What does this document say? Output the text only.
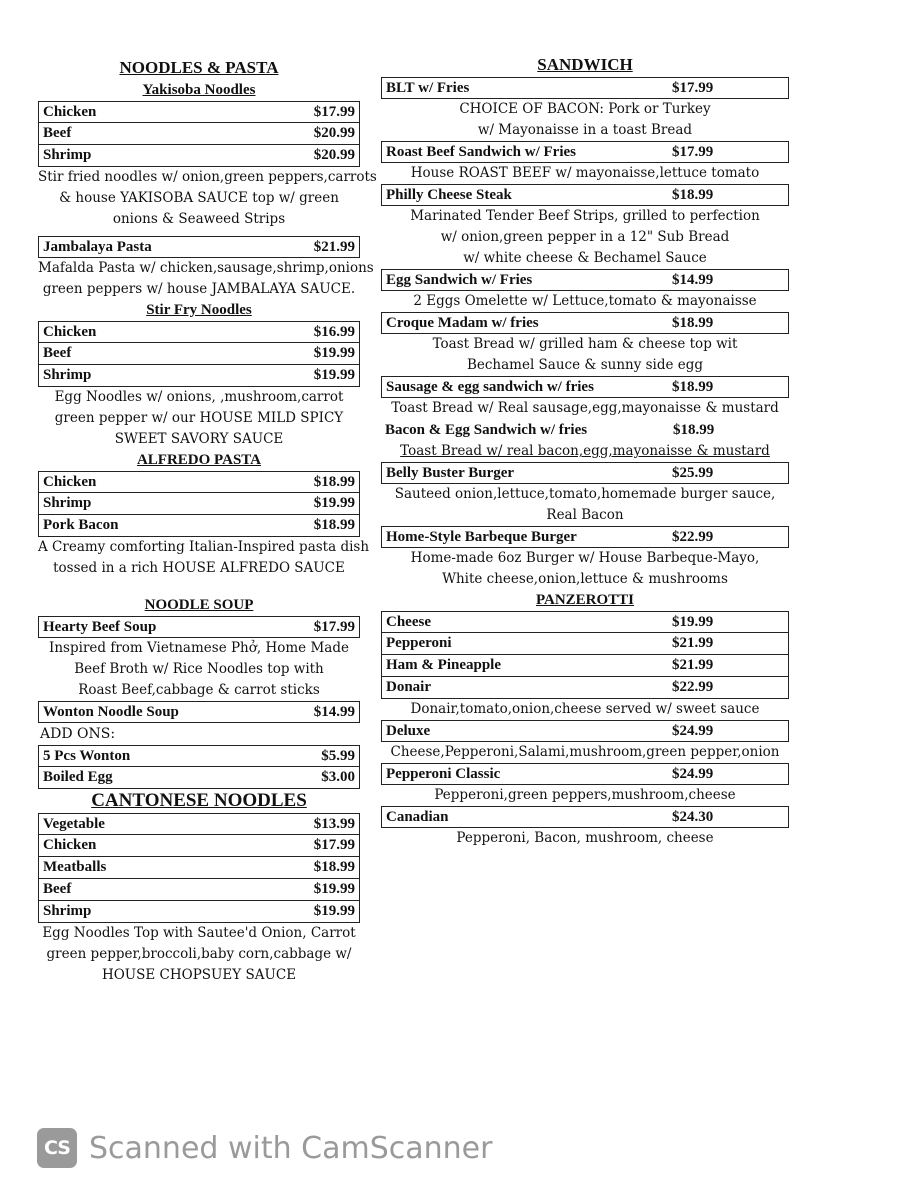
NOODLES & PASTA
Yakisoba Noodles
Chicken	$17.99
Beef	$20.99
Shrimp	$20.99
Stir fried noodles w/ onion,green peppers,carrots
& house YAKISOBA SAUCE top w/ green
onions & Seaweed Strips
Jambalaya Pasta	$21.99
Mafalda Pasta w/ chicken,sausage,shrimp,onions
green peppers w/ house JAMBALAYA SAUCE.
Stir Fry Noodles
Chicken	$16.99
Beef	$19.99
Shrimp	$19.99
Egg Noodles w/ onions, ,mushroom,carrot
green pepper w/ our HOUSE MILD SPICY
SWEET SAVORY SAUCE
ALFREDO PASTA
Chicken	$18.99
Shrimp	$19.99
Pork Bacon	$18.99
A Creamy comforting Italian-Inspired pasta dish
tossed in a rich HOUSE ALFREDO SAUCE
NOODLE SOUP
Hearty Beef Soup	$17.99
Inspired from Vietnamese Phở, Home Made
Beef Broth w/ Rice Noodles top with
Roast Beef,cabbage & carrot sticks
Wonton Noodle Soup	$14.99
ADD ONS:
5 Pcs Wonton	$5.99
Boiled Egg	$3.00
CANTONESE NOODLES
Vegetable	$13.99
Chicken	$17.99
Meatballs	$18.99
Beef	$19.99
Shrimp	$19.99
Egg Noodles Top with Sautee'd Onion, Carrot
green pepper,broccoli,baby corn,cabbage w/
HOUSE CHOPSUEY SAUCE
SANDWICH
BLT w/ Fries	$17.99
CHOICE OF BACON: Pork or Turkey
w/ Mayonaisse in a toast Bread
Roast Beef Sandwich w/ Fries	$17.99
House ROAST BEEF w/ mayonaisse,lettuce tomato
Philly Cheese Steak	$18.99
Marinated Tender Beef Strips, grilled to perfection
w/ onion,green pepper in a 12" Sub Bread
w/ white cheese & Bechamel Sauce
Egg Sandwich w/ Fries	$14.99
2 Eggs Omelette w/ Lettuce,tomato & mayonaisse
Croque Madam w/ fries	$18.99
Toast Bread w/ grilled ham & cheese top wit
Bechamel Sauce & sunny side egg
Sausage & egg sandwich w/ fries	$18.99
Toast Bread w/ Real sausage,egg,mayonaisse & mustard
Bacon & Egg Sandwich w/ fries	$18.99
Toast Bread w/ real bacon,egg,mayonaisse & mustard
Belly Buster Burger	$25.99
Sauteed onion,lettuce,tomato,homemade burger sauce,
Real Bacon
Home-Style Barbeque Burger	$22.99
Home-made 6oz Burger w/ House Barbeque-Mayo,
White cheese,onion,lettuce & mushrooms
PANZEROTTI
Cheese	$19.99
Pepperoni	$21.99
Ham & Pineapple	$21.99
Donair	$22.99
Donair,tomato,onion,cheese served w/ sweet sauce
Deluxe	$24.99
Cheese,Pepperoni,Salami,mushroom,green pepper,onion
Pepperoni Classic	$24.99
Pepperoni,green peppers,mushroom,cheese
Canadian	$24.30
Pepperoni, Bacon, mushroom, cheese
CS Scanned with CamScanner
